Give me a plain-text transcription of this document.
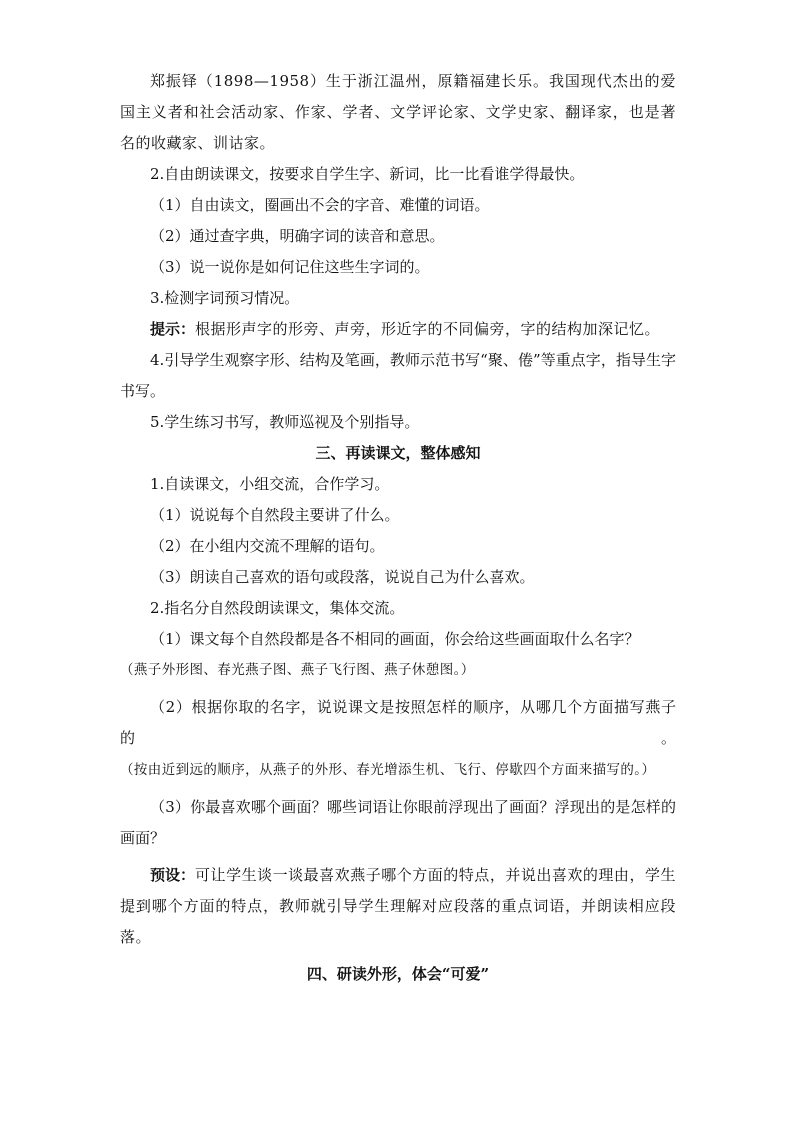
郑振铎（1898—1958）生于浙江温州，原籍福建长乐。我国现代杰出的爱国主义者和社会活动家、作家、学者、文学评论家、文学史家、翻译家，也是著名的收藏家、训诂家。

2.自由朗读课文，按要求自学生字、新词，比一比看谁学得最快。

（1）自由读文，圈画出不会的字音、难懂的词语。

（2）通过查字典，明确字词的读音和意思。

（3）说一说你是如何记住这些生字词的。

3.检测字词预习情况。

提示：根据形声字的形旁、声旁，形近字的不同偏旁，字的结构加深记忆。

4.引导学生观察字形、结构及笔画，教师示范书写“聚、倦”等重点字，指导生字书写。

5.学生练习书写，教师巡视及个别指导。

三、再读课文，整体感知

1.自读课文，小组交流，合作学习。

（1）说说每个自然段主要讲了什么。

（2）在小组内交流不理解的语句。

（3）朗读自己喜欢的语句或段落，说说自己为什么喜欢。

2.指名分自然段朗读课文，集体交流。

（1）课文每个自然段都是各不相同的画面，你会给这些画面取什么名字？

（燕子外形图、春光燕子图、燕子飞行图、燕子休憩图。）

（2）根据你取的名字，说说课文是按照怎样的顺序，从哪几个方面描写燕子的。（按由近到远的顺序，从燕子的外形、春光增添生机、飞行、停歇四个方面来描写的。）

（3）你最喜欢哪个画面？哪些词语让你眼前浮现出了画面？浮现出的是怎样的画面？

预设：可让学生谈一谈最喜欢燕子哪个方面的特点，并说出喜欢的理由，学生提到哪个方面的特点，教师就引导学生理解对应段落的重点词语，并朗读相应段落。

四、研读外形，体会“可爱”
